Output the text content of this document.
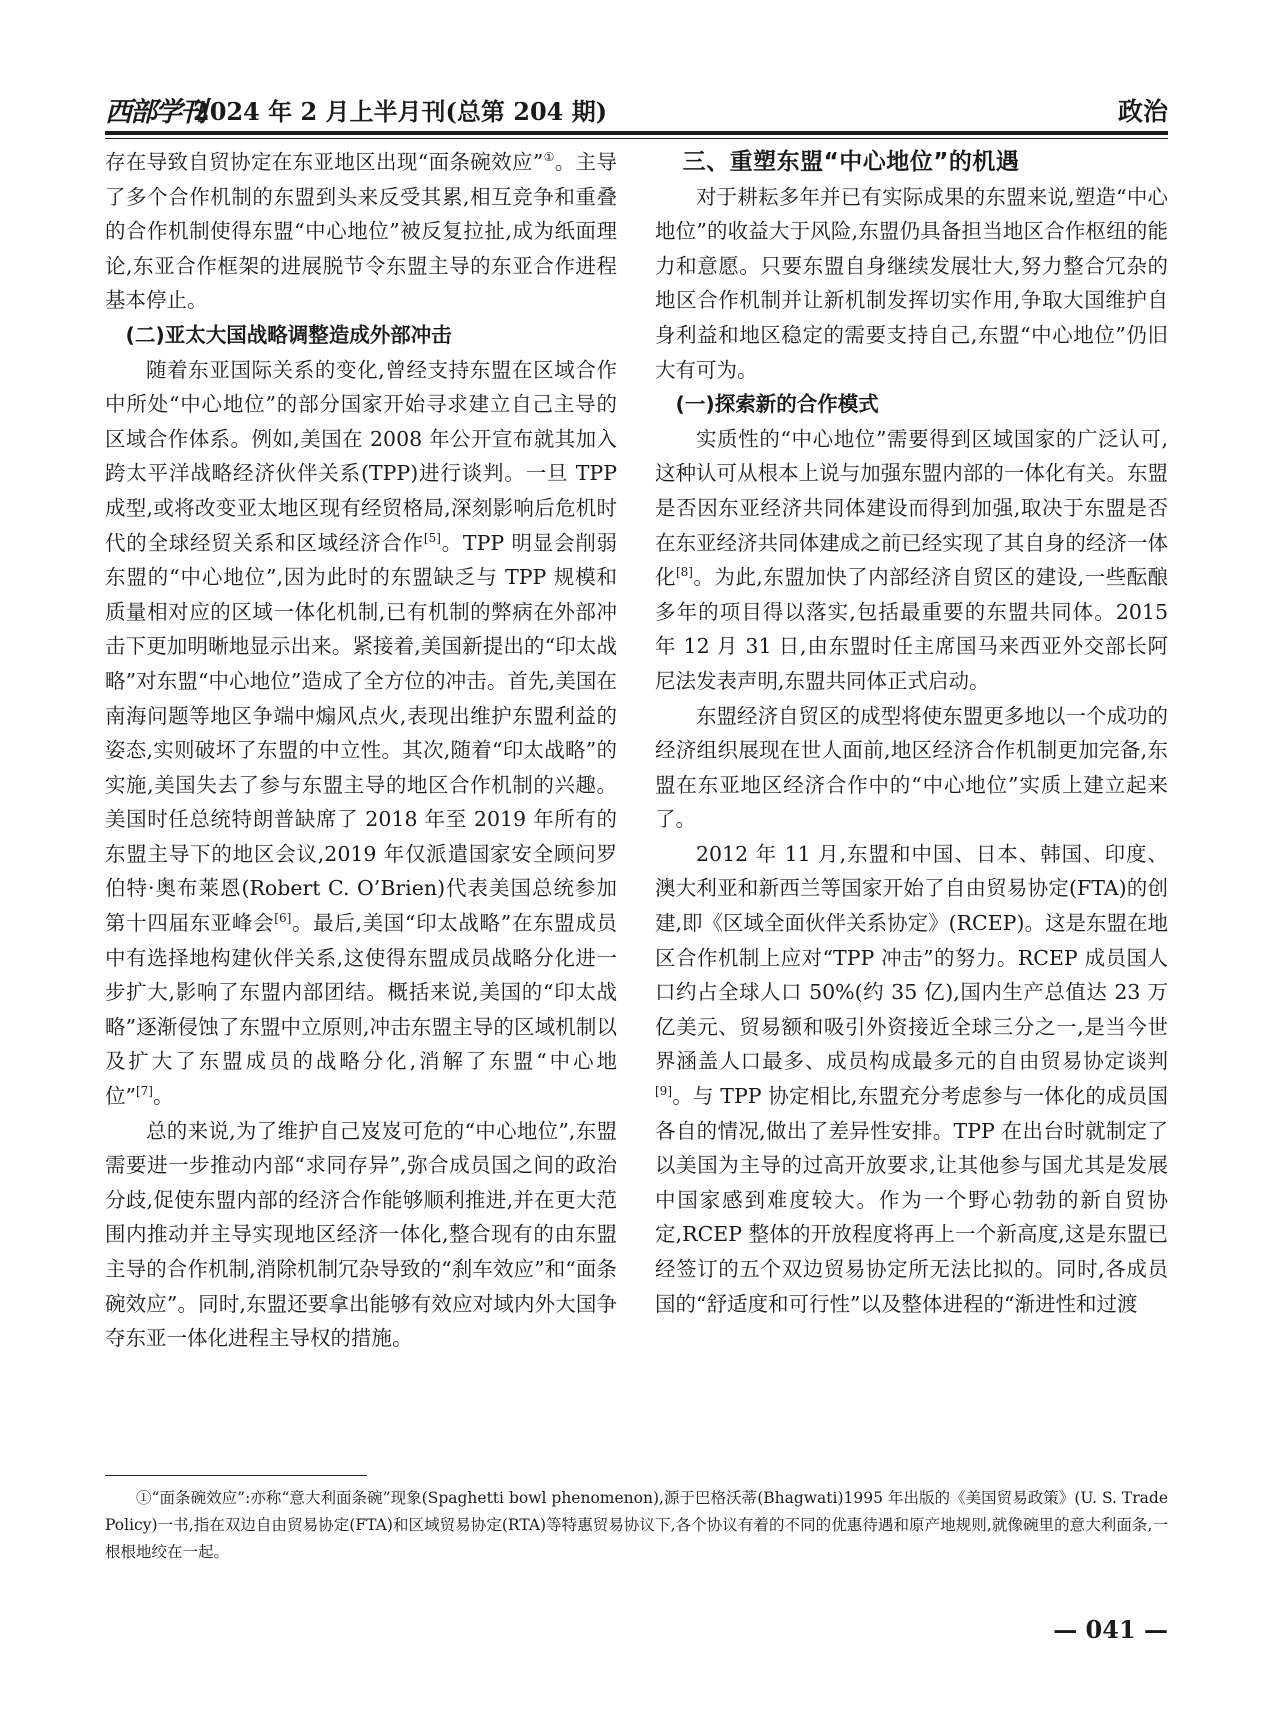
西部学刊
2024 年 2 月上半月刊(总第 204 期)	政治

存在导致自贸协定在东亚地区出现“面条碗效应”①。主导了多个合作机制的东盟到头来反受其累,相互竞争和重叠的合作机制使得东盟“中心地位”被反复拉扯,成为纸面理论,东亚合作框架的进展脱节令东盟主导的东亚合作进程基本停止。

(二)亚太大国战略调整造成外部冲击

随着东亚国际关系的变化,曾经支持东盟在区域合作中所处“中心地位”的部分国家开始寻求建立自己主导的区域合作体系。例如,美国在 2008 年公开宣布就其加入跨太平洋战略经济伙伴关系(TPP)进行谈判。一旦 TPP 成型,或将改变亚太地区现有经贸格局,深刻影响后危机时代的全球经贸关系和区域经济合作[5]。TPP 明显会削弱东盟的“中心地位”,因为此时的东盟缺乏与 TPP 规模和质量相对应的区域一体化机制,已有机制的弊病在外部冲击下更加明晰地显示出来。紧接着,美国新提出的“印太战略”对东盟“中心地位”造成了全方位的冲击。首先,美国在南海问题等地区争端中煽风点火,表现出维护东盟利益的姿态,实则破坏了东盟的中立性。其次,随着“印太战略”的实施,美国失去了参与东盟主导的地区合作机制的兴趣。美国时任总统特朗普缺席了 2018 年至 2019 年所有的东盟主导下的地区会议,2019 年仅派遣国家安全顾问罗伯特·奥布莱恩(Robert C. O’Brien)代表美国总统参加第十四届东亚峰会[6]。最后,美国“印太战略”在东盟成员中有选择地构建伙伴关系,这使得东盟成员战略分化进一步扩大,影响了东盟内部团结。概括来说,美国的“印太战略”逐渐侵蚀了东盟中立原则,冲击东盟主导的区域机制以及扩大了东盟成员的战略分化,消解了东盟“中心地位”[7]。

总的来说,为了维护自己岌岌可危的“中心地位”,东盟需要进一步推动内部“求同存异”,弥合成员国之间的政治分歧,促使东盟内部的经济合作能够顺利推进,并在更大范围内推动并主导实现地区经济一体化,整合现有的由东盟主导的合作机制,消除机制冗杂导致的“刹车效应”和“面条碗效应”。同时,东盟还要拿出能够有效应对域内外大国争夺东亚一体化进程主导权的措施。

三、重塑东盟“中心地位”的机遇

对于耕耘多年并已有实际成果的东盟来说,塑造“中心地位”的收益大于风险,东盟仍具备担当地区合作枢纽的能力和意愿。只要东盟自身继续发展壮大,努力整合冗杂的地区合作机制并让新机制发挥切实作用,争取大国维护自身利益和地区稳定的需要支持自己,东盟“中心地位”仍旧大有可为。

(一)探索新的合作模式

实质性的“中心地位”需要得到区域国家的广泛认可,这种认可从根本上说与加强东盟内部的一体化有关。东盟是否因东亚经济共同体建设而得到加强,取决于东盟是否在东亚经济共同体建成之前已经实现了其自身的经济一体化[8]。为此,东盟加快了内部经济自贸区的建设,一些酝酿多年的项目得以落实,包括最重要的东盟共同体。2015 年 12 月 31 日,由东盟时任主席国马来西亚外交部长阿尼法发表声明,东盟共同体正式启动。

东盟经济自贸区的成型将使东盟更多地以一个成功的经济组织展现在世人面前,地区经济合作机制更加完备,东盟在东亚地区经济合作中的“中心地位”实质上建立起来了。

2012 年 11 月,东盟和中国、日本、韩国、印度、澳大利亚和新西兰等国家开始了自由贸易协定(FTA)的创建,即《区域全面伙伴关系协定》(RCEP)。这是东盟在地区合作机制上应对“TPP 冲击”的努力。RCEP 成员国人口约占全球人口 50%(约 35 亿),国内生产总值达 23 万亿美元、贸易额和吸引外资接近全球三分之一,是当今世界涵盖人口最多、成员构成最多元的自由贸易协定谈判[9]。与 TPP 协定相比,东盟充分考虑参与一体化的成员国各自的情况,做出了差异性安排。TPP 在出台时就制定了以美国为主导的过高开放要求,让其他参与国尤其是发展中国家感到难度较大。作为一个野心勃勃的新自贸协定,RCEP 整体的开放程度将再上一个新高度,这是东盟已经签订的五个双边贸易协定所无法比拟的。同时,各成员国的“舒适度和可行性”以及整体进程的“渐进性和过渡

①“面条碗效应”:亦称“意大利面条碗”现象(Spaghetti bowl phenomenon),源于巴格沃蒂(Bhagwati)1995 年出版的《美国贸易政策》(U. S. Trade Policy)一书,指在双边自由贸易协定(FTA)和区域贸易协定(RTA)等特惠贸易协议下,各个协议有着的不同的优惠待遇和原产地规则,就像碗里的意大利面条,一根根地绞在一起。

— 041 —
